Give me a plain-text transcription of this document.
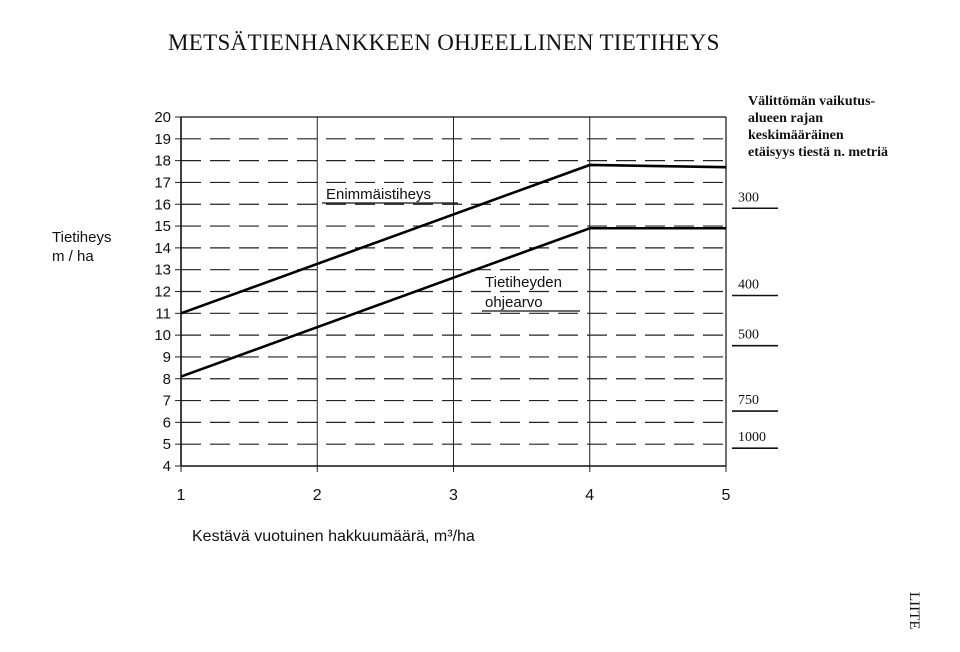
METSÄTIENHANKKEEN OHJEELLINEN TIETIHEYS
Tietiheys
m / ha
Välittömän vaikutus-
alueen rajan
keskimääräinen
etäisyys tiestä n. metriä
Kestävä vuotuinen hakkuumäärä, m³/ha
LIITE
4
5
6
7
8
9
10
11
12
13
14
15
16
17
18
19
20
1	2	3	4	5
Enimmäistiheys
Tietiheyden
ohjearvo
300
400
500
750
1000
